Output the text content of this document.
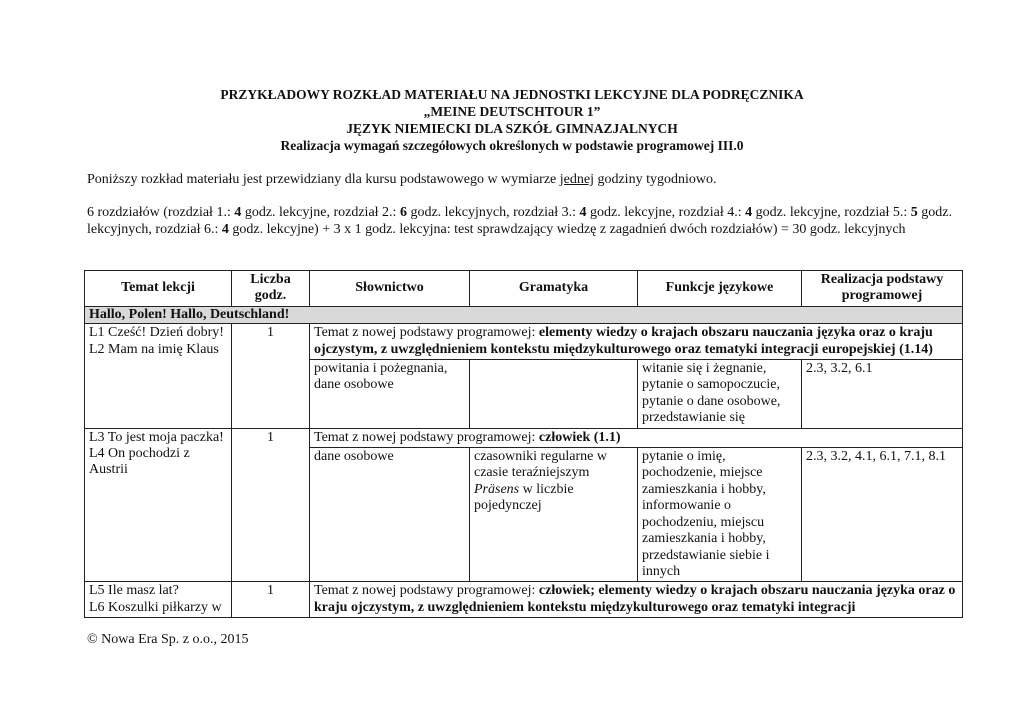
PRZYKŁADOWY ROZKŁAD MATERIAŁU NA JEDNOSTKI LEKCYJNE DLA PODRĘCZNIKA
„MEINE DEUTSCHTOUR 1”
JĘZYK NIEMIECKI DLA SZKÓŁ GIMNAZJALNYCH
Realizacja wymagań szczegółowych określonych w podstawie programowej III.0
Poniższy rozkład materiału jest przewidziany dla kursu podstawowego w wymiarze jednej godziny tygodniowo.
6 rozdziałów (rozdział 1.: 4 godz. lekcyjne, rozdział 2.: 6 godz. lekcyjnych, rozdział 3.: 4 godz. lekcyjne, rozdział 4.: 4 godz. lekcyjne, rozdział 5.: 5 godz. lekcyjnych, rozdział 6.: 4 godz. lekcyjne) + 3 x 1 godz. lekcyjna: test sprawdzający wiedzę z zagadnień dwóch rozdziałów) = 30 godz. lekcyjnych
Temat lekcji	Liczba godz.	Słownictwo	Gramatyka	Funkcje językowe	Realizacja podstawy programowej
Hallo, Polen! Hallo, Deutschland!					

L1 Cześć! Dzień dobry!
L2 Mam na imię Klaus	1	Temat z nowej podstawy programowej: elementy wiedzy o krajach obszaru nauczania języka oraz o kraju ojczystym, z uwzględnieniem kontekstu międzykulturowego oraz tematyki integracji europejskiej (1.14)			
		powitania i pożegnania, dane osobowe		witanie się i żegnanie, pytanie o samopoczucie, pytanie o dane osobowe, przedstawianie się	2.3, 3.2, 6.1

L3 To jest moja paczka!
L4 On pochodzi z Austrii	1	Temat z nowej podstawy programowej: człowiek (1.1)			
		dane osobowe	czasowniki regularne w czasie teraźniejszym Präsens w liczbie pojedynczej	pytanie o imię, pochodzenie, miejsce zamieszkania i hobby, informowanie o pochodzeniu, miejscu zamieszkania i hobby, przedstawianie siebie i innych	2.3, 3.2, 4.1, 6.1, 7.1, 8.1

L5 Ile masz lat?
L6 Koszulki piłkarzy w	1	Temat z nowej podstawy programowej: człowiek; elementy wiedzy o krajach obszaru nauczania języka oraz o kraju ojczystym, z uwzględnieniem kontekstu międzykulturowego oraz tematyki integracji			
© Nowa Era Sp. z o.o., 2015
